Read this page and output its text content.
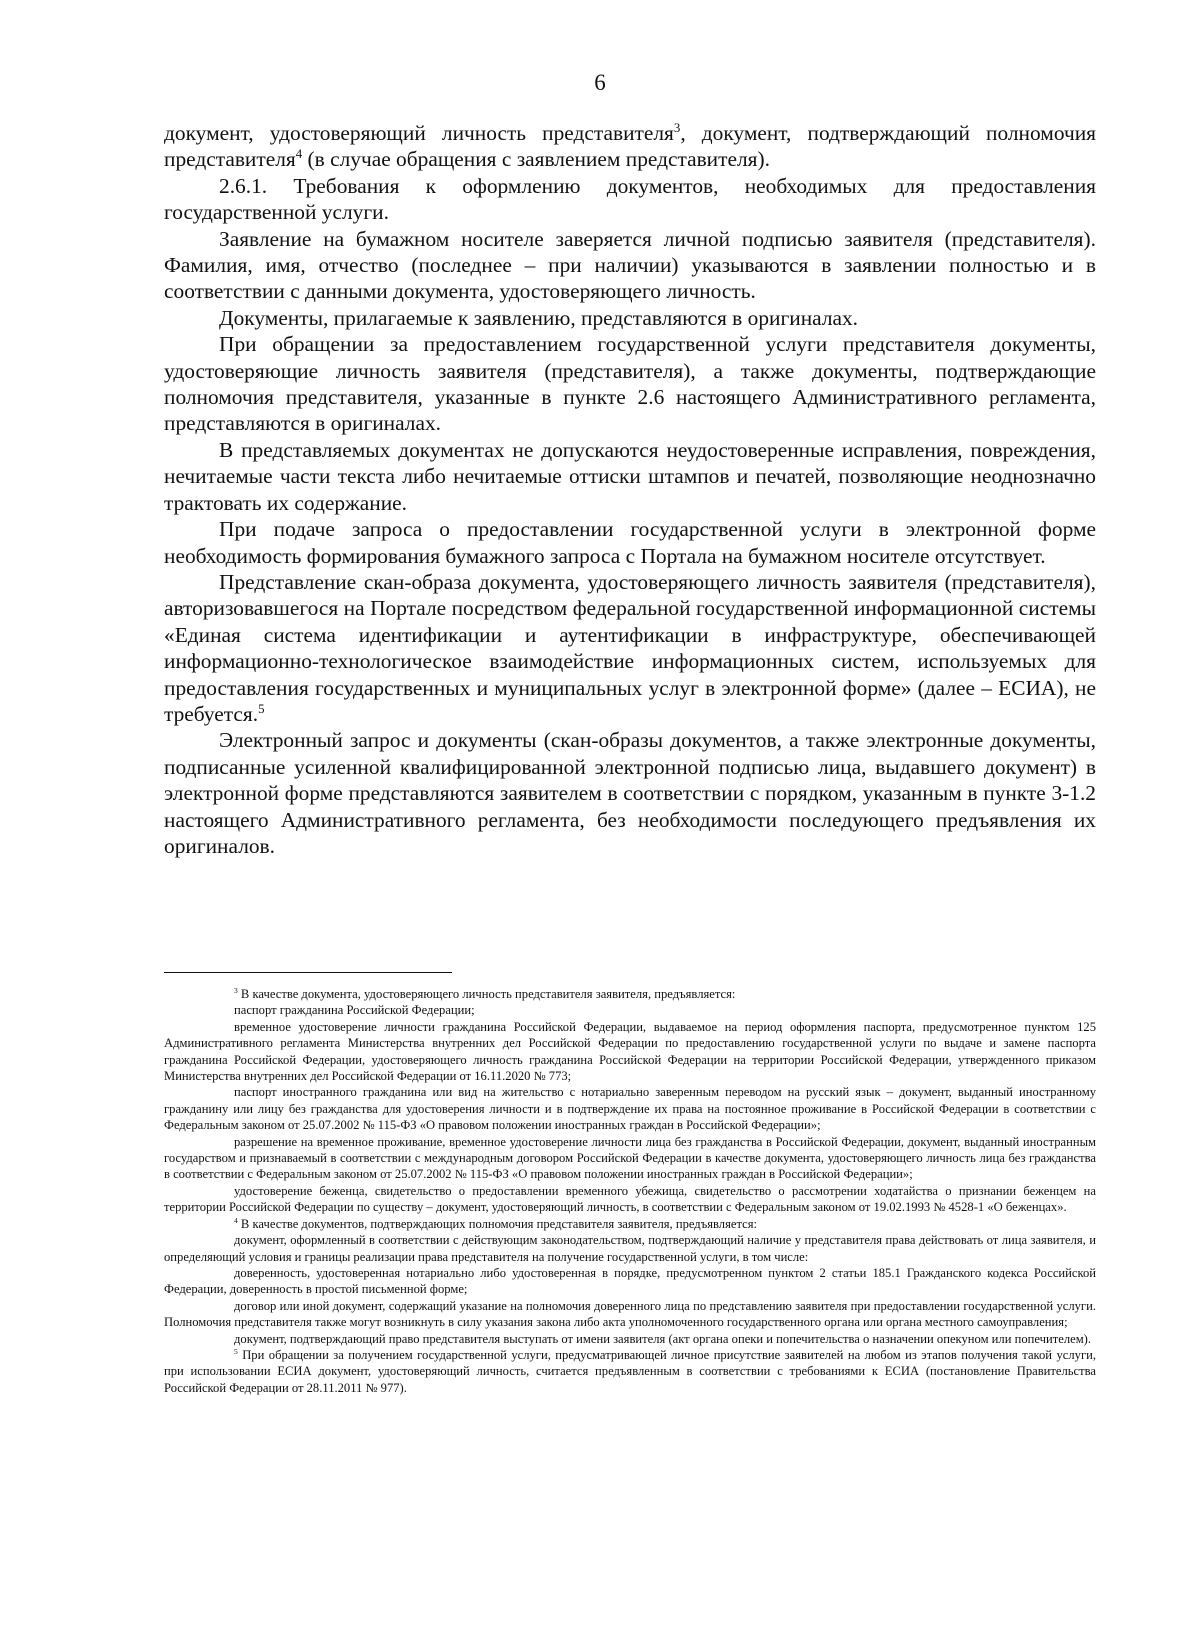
6

документ, удостоверяющий личность представителя$^3$, документ, подтверждающий полномочия представителя$^4$ (в случае обращения с заявлением представителя).

2.6.1. Требования к оформлению документов, необходимых для предоставления государственной услуги.

Заявление на бумажном носителе заверяется личной подписью заявителя (представителя). Фамилия, имя, отчество (последнее – при наличии) указываются в заявлении полностью и в соответствии с данными документа, удостоверяющего личность.

Документы, прилагаемые к заявлению, представляются в оригиналах.

При обращении за предоставлением государственной услуги представителя документы, удостоверяющие личность заявителя (представителя), а также документы, подтверждающие полномочия представителя, указанные в пункте 2.6 настоящего Административного регламента, представляются в оригиналах.

В представляемых документах не допускаются неудостоверенные исправления, повреждения, нечитаемые части текста либо нечитаемые оттиски штампов и печатей, позволяющие неоднозначно трактовать их содержание.

При подаче запроса о предоставлении государственной услуги в электронной форме необходимость формирования бумажного запроса с Портала на бумажном носителе отсутствует.

Представление скан-образа документа, удостоверяющего личность заявителя (представителя), авторизовавшегося на Портале посредством федеральной государственной информационной системы «Единая система идентификации и аутентификации в инфраструктуре, обеспечивающей информационно-технологическое взаимодействие информационных систем, используемых для предоставления государственных и муниципальных услуг в электронной форме» (далее – ЕСИА), не требуется.$^5$

Электронный запрос и документы (скан-образы документов, а также электронные документы, подписанные усиленной квалифицированной электронной подписью лица, выдавшего документ) в электронной форме представляются заявителем в соответствии с порядком, указанным в пункте 3-1.2 настоящего Административного регламента, без необходимости последующего предъявления их оригиналов.

$^3$ В качестве документа, удостоверяющего личность представителя заявителя, предъявляется:

паспорт гражданина Российской Федерации;

временное удостоверение личности гражданина Российской Федерации, выдаваемое на период оформления паспорта, предусмотренное пунктом 125 Административного регламента Министерства внутренних дел Российской Федерации по предоставлению государственной услуги по выдаче и замене паспорта гражданина Российской Федерации, удостоверяющего личность гражданина Российской Федерации на территории Российской Федерации, утвержденного приказом Министерства внутренних дел Российской Федерации от 16.11.2020 № 773;

паспорт иностранного гражданина или вид на жительство с нотариально заверенным переводом на русский язык – документ, выданный иностранному гражданину или лицу без гражданства для удостоверения личности и в подтверждение их права на постоянное проживание в Российской Федерации в соответствии с Федеральным законом от 25.07.2002 № 115-ФЗ «О правовом положении иностранных граждан в Российской Федерации»;

разрешение на временное проживание, временное удостоверение личности лица без гражданства в Российской Федерации, документ, выданный иностранным государством и признаваемый в соответствии с международным договором Российской Федерации в качестве документа, удостоверяющего личность лица без гражданства в соответствии с Федеральным законом от 25.07.2002 № 115-ФЗ «О правовом положении иностранных граждан в Российской Федерации»;

удостоверение беженца, свидетельство о предоставлении временного убежища, свидетельство о рассмотрении ходатайства о признании беженцем на территории Российской Федерации по существу – документ, удостоверяющий личность, в соответствии с Федеральным законом от 19.02.1993 № 4528-1 «О беженцах».

$^4$ В качестве документов, подтверждающих полномочия представителя заявителя, предъявляется:

документ, оформленный в соответствии с действующим законодательством, подтверждающий наличие у представителя права действовать от лица заявителя, и определяющий условия и границы реализации права представителя на получение государственной услуги, в том числе:

доверенность, удостоверенная нотариально либо удостоверенная в порядке, предусмотренном пунктом 2 статьи 185.1 Гражданского кодекса Российской Федерации, доверенность в простой письменной форме;

договор или иной документ, содержащий указание на полномочия доверенного лица по представлению заявителя при предоставлении государственной услуги. Полномочия представителя также могут возникнуть в силу указания закона либо акта уполномоченного государственного органа или органа местного самоуправления;

документ, подтверждающий право представителя выступать от имени заявителя (акт органа опеки и попечительства о назначении опекуном или попечителем).

$^5$ При обращении за получением государственной услуги, предусматривающей личное присутствие заявителей на любом из этапов получения такой услуги, при использовании ЕСИА документ, удостоверяющий личность, считается предъявленным в соответствии с требованиями к ЕСИА (постановление Правительства Российской Федерации от 28.11.2011 № 977).
